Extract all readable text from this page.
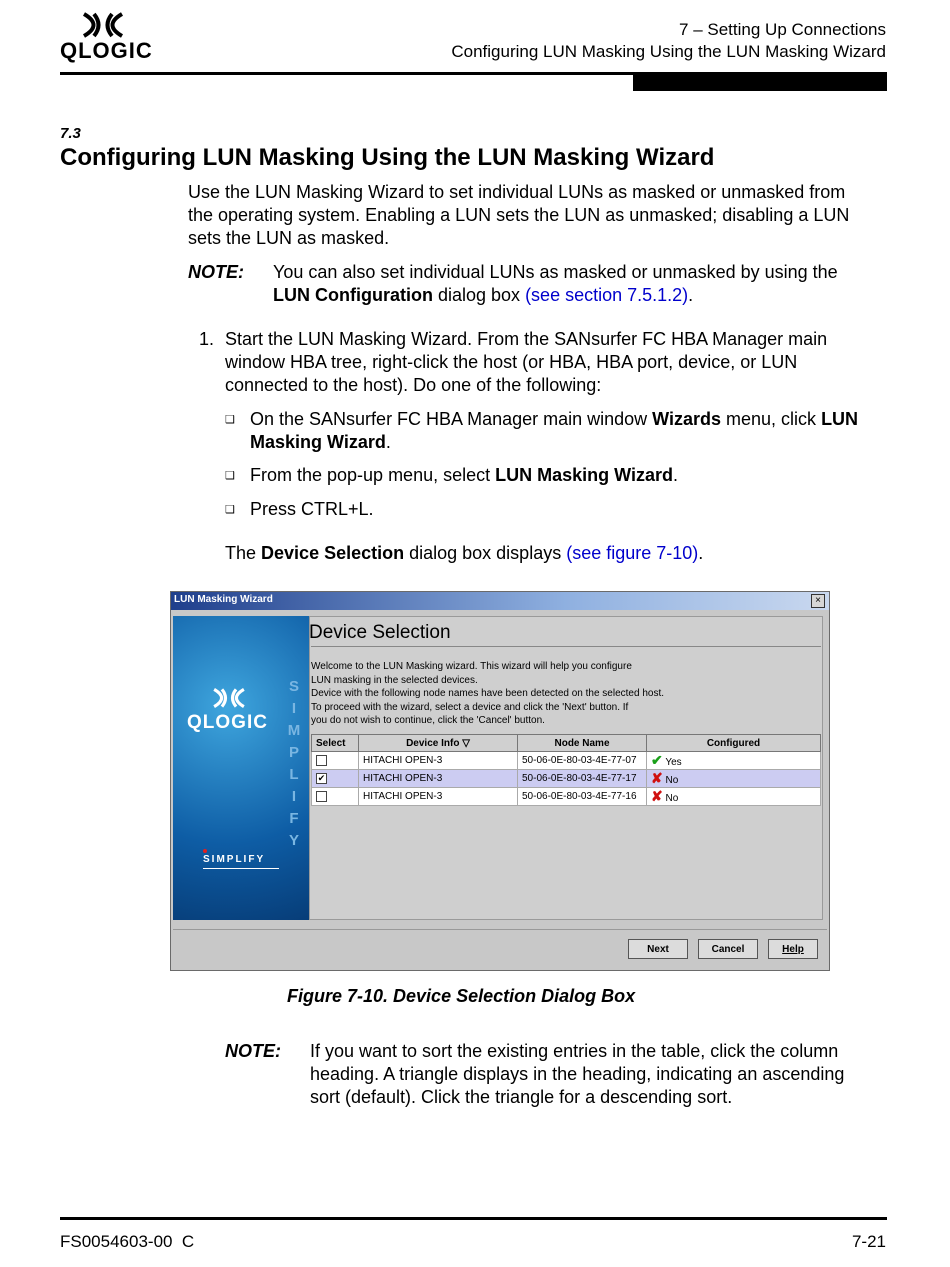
QLOGIC
7 – Setting Up Connections
Configuring LUN Masking Using the LUN Masking Wizard
7.3
Configuring LUN Masking Using the LUN Masking Wizard
Use the LUN Masking Wizard to set individual LUNs as masked or unmasked from
the operating system. Enabling a LUN sets the LUN as unmasked; disabling a LUN
sets the LUN as masked.
NOTE: You can also set individual LUNs as masked or unmasked by using the
LUN Configuration dialog box (see section 7.5.1.2).
1. Start the LUN Masking Wizard. From the SANsurfer FC HBA Manager main
window HBA tree, right-click the host (or HBA, HBA port, device, or LUN
connected to the host). Do one of the following:
❑ On the SANsurfer FC HBA Manager main window Wizards menu, click LUN
Masking Wizard.
❑ From the pop-up menu, select LUN Masking Wizard.
❑ Press CTRL+L.
The Device Selection dialog box displays (see figure 7-10).
LUN Masking Wizard	×
QLOGIC
S
I
M
P
L
I
F
Y
SIMPLIFY
Device Selection
Welcome to the LUN Masking wizard. This wizard will help you configure
LUN masking in the selected devices.
Device with the following node names have been detected on the selected host.
To proceed with the wizard, select a device and click the 'Next' button. If
you do not wish to continue, click the 'Cancel' button.
Select	Device Info ▽	Node Name	Configured
	HITACHI OPEN-3	50-06-0E-80-03-4E-77-07	✔ Yes
✔	HITACHI OPEN-3	50-06-0E-80-03-4E-77-17	✘ No
	HITACHI OPEN-3	50-06-0E-80-03-4E-77-16	✘ No
Next	Cancel	Help
Figure 7-10. Device Selection Dialog Box
NOTE: If you want to sort the existing entries in the table, click the column
heading. A triangle displays in the heading, indicating an ascending
sort (default). Click the triangle for a descending sort.
FS0054603-00  C	7-21
